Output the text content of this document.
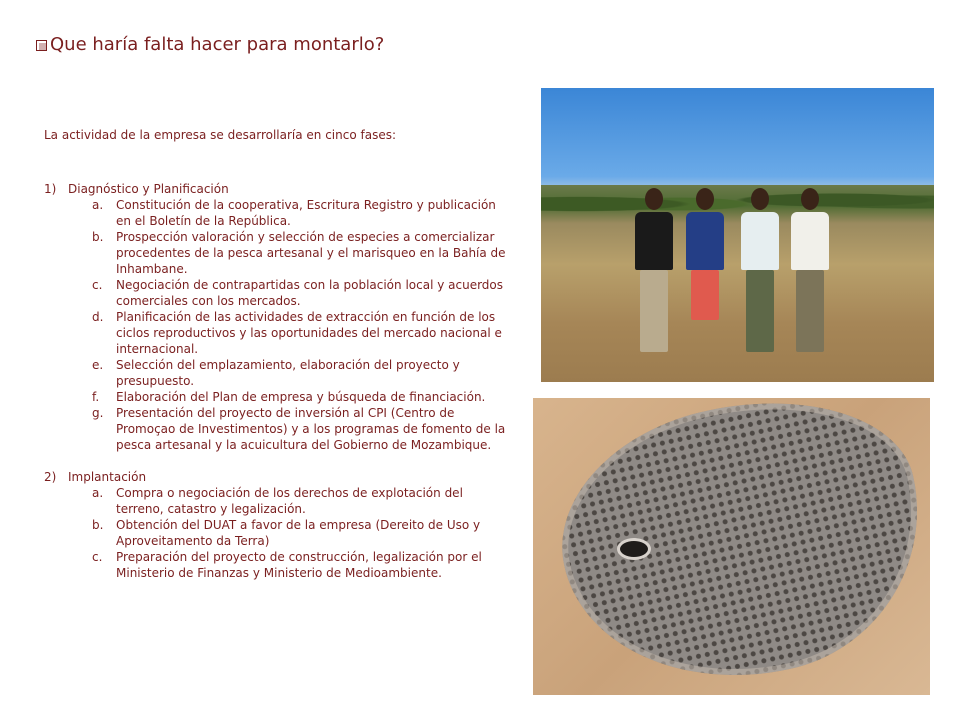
Que haría falta hacer para montarlo?

La actividad de la empresa se desarrollaría en cinco fases:

1) Diagnóstico y Planificación
a.	Constitución de la cooperativa, Escritura Registro y publicación en el Boletín de la República.
b.	Prospección valoración y selección de especies a comercializar procedentes de la pesca artesanal y el marisqueo en la Bahía de Inhambane.
c.	Negociación de contrapartidas con la población local y acuerdos comerciales con los mercados.
d.	Planificación de las actividades de extracción en función de los ciclos reproductivos y las oportunidades del mercado nacional e internacional.
e.	Selección del emplazamiento, elaboración del proyecto y presupuesto.
f.	Elaboración del Plan de empresa y búsqueda de financiación.
g.	Presentación del proyecto de inversión al CPI (Centro de Promoçao de Investimentos) y a los programas de fomento de la pesca artesanal y la acuicultura del Gobierno de Mozambique.
2) Implantación
a.	Compra o negociación de los derechos de explotación del terreno, catastro y legalización.
b.	Obtención del DUAT a favor de la empresa (Dereito de Uso y Aproveitamento da Terra)
c.	Preparación del proyecto de construcción, legalización por el Ministerio de Finanzas y Ministerio de Medioambiente.
